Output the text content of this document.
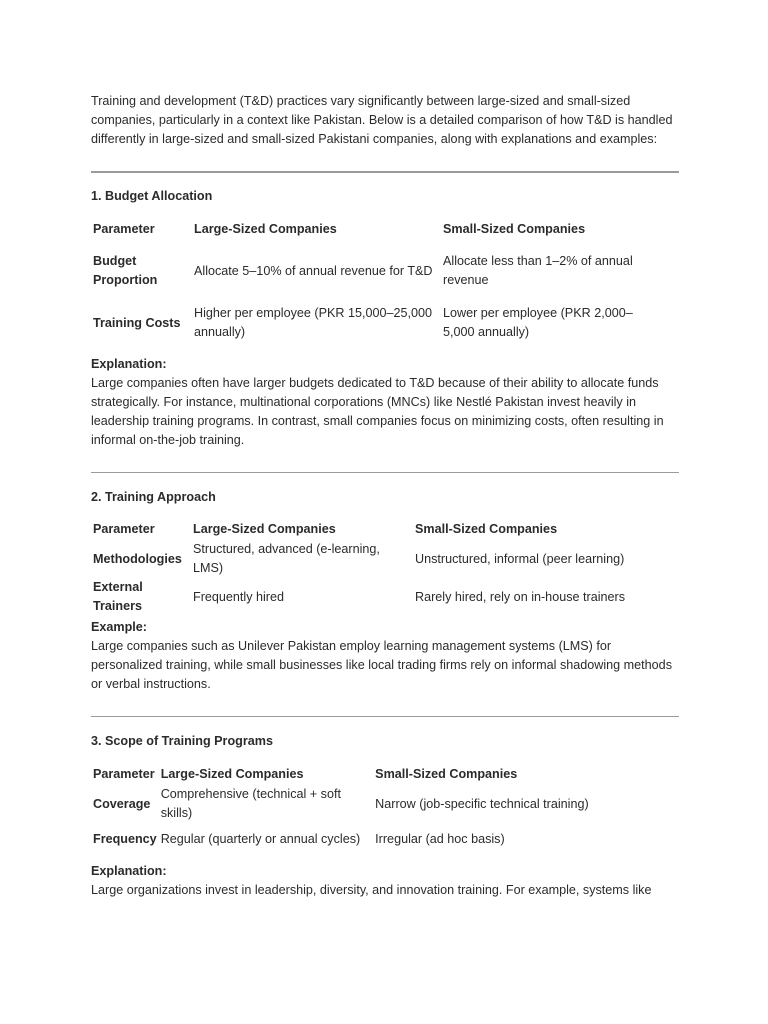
Training and development (T&D) practices vary significantly between large-sized and small-sized companies, particularly in a context like Pakistan. Below is a detailed comparison of how T&D is handled differently in large-sized and small-sized Pakistani companies, along with explanations and examples:

1. Budget Allocation

Parameter	Large-Sized Companies	Small-Sized Companies
Budget Proportion	Allocate 5–10% of annual revenue for T&D	Allocate less than 1–2% of annual revenue
Training Costs	Higher per employee (PKR 15,000–25,000 annually)	Lower per employee (PKR 2,000–5,000 annually)

Explanation:

Large companies often have larger budgets dedicated to T&D because of their ability to allocate funds strategically. For instance, multinational corporations (MNCs) like Nestlé Pakistan invest heavily in leadership training programs. In contrast, small companies focus on minimizing costs, often resulting in informal on-the-job training.

2. Training Approach

Parameter	Large-Sized Companies	Small-Sized Companies
Methodologies	Structured, advanced (e-learning, LMS)	Unstructured, informal (peer learning)
External Trainers	Frequently hired	Rarely hired, rely on in-house trainers

Example:

Large companies such as Unilever Pakistan employ learning management systems (LMS) for personalized training, while small businesses like local trading firms rely on informal shadowing methods or verbal instructions.

3. Scope of Training Programs

Parameter	Large-Sized Companies	Small-Sized Companies
Coverage	Comprehensive (technical + soft skills)	Narrow (job-specific technical training)
Frequency	Regular (quarterly or annual cycles)	Irregular (ad hoc basis)

Explanation:

Large organizations invest in leadership, diversity, and innovation training. For example, systems like
